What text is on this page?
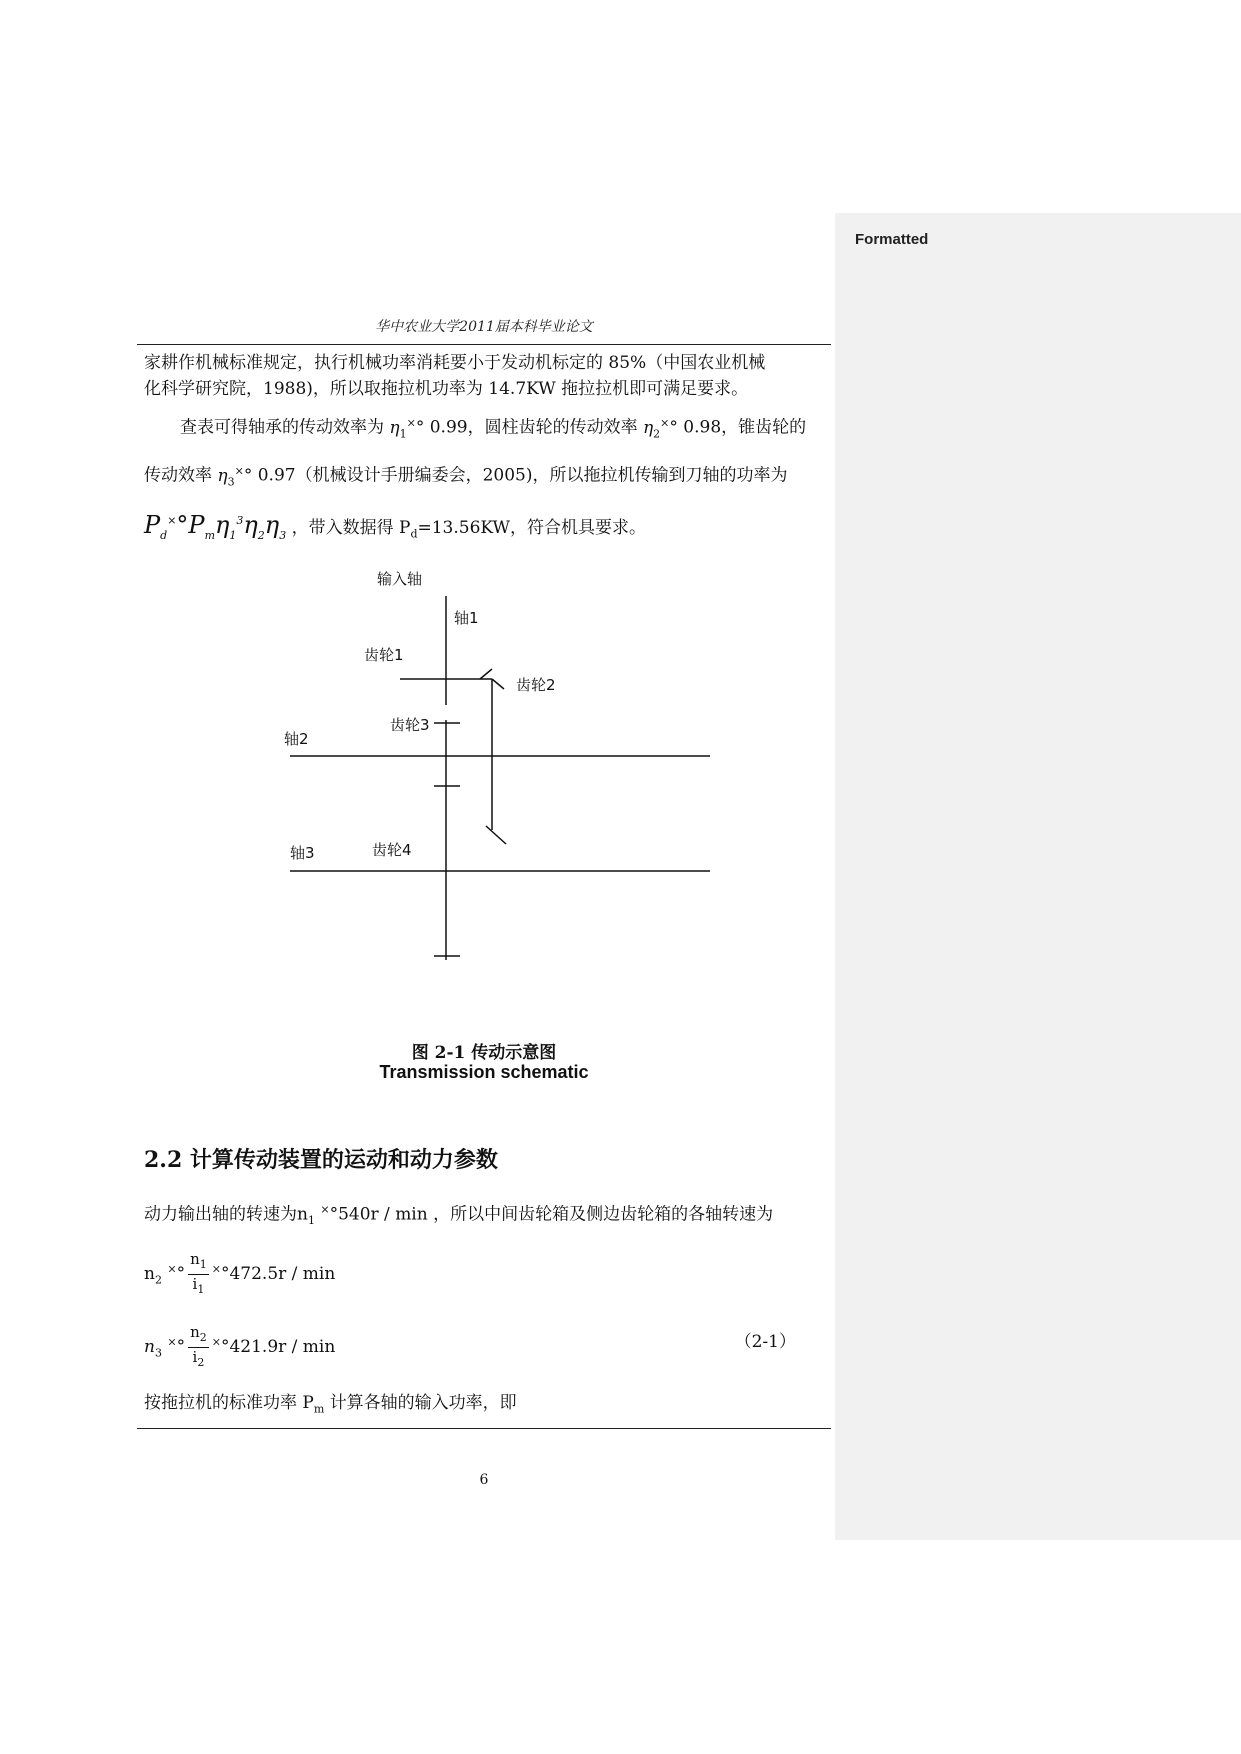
Formatted
华中农业大学2011届本科毕业论文
家耕作机械标准规定，执行机械功率消耗要小于发动机标定的 85%（中国农业机械
化科学研究院，1988)，所以取拖拉机功率为 14.7KW 拖拉拉机即可满足要求。
查表可得轴承的传动效率为 $\eta_1^\times^\circ$ 0.99，圆柱齿轮的传动效率 $\eta_2^\times^\circ$ 0.98，锥齿轮的
传动效率 $\eta_3^\times^\circ$ 0.97（机械设计手册编委会，2005)，所以拖拉机传输到刀轴的功率为
$P_d^\times^\circ P_m\eta_1^3\eta_2\eta_3$ ，带入数据得 $P_d=13.56KW$，符合机具要求。
输入轴
轴1
齿轮1
齿轮2
齿轮3
轴2
轴3	齿轮4
图 2-1 传动示意图
Transmission schematic
2.2 计算传动装置的运动和动力参数
动力输出轴的转速为$n_1$ ×°540r / min ，所以中间齿轮箱及侧边齿轮箱的各轴转速为
$n_2$ $^\times^\circ \frac{n_1}{i_1} ^\times^\circ 472.5r$ / min
$n_3$ $^\times^\circ \frac{n_2}{i_2} ^\times^\circ 421.9r$ / min	（2-1）
按拖拉机的标准功率 $P_m$ 计算各轴的输入功率，即
6
